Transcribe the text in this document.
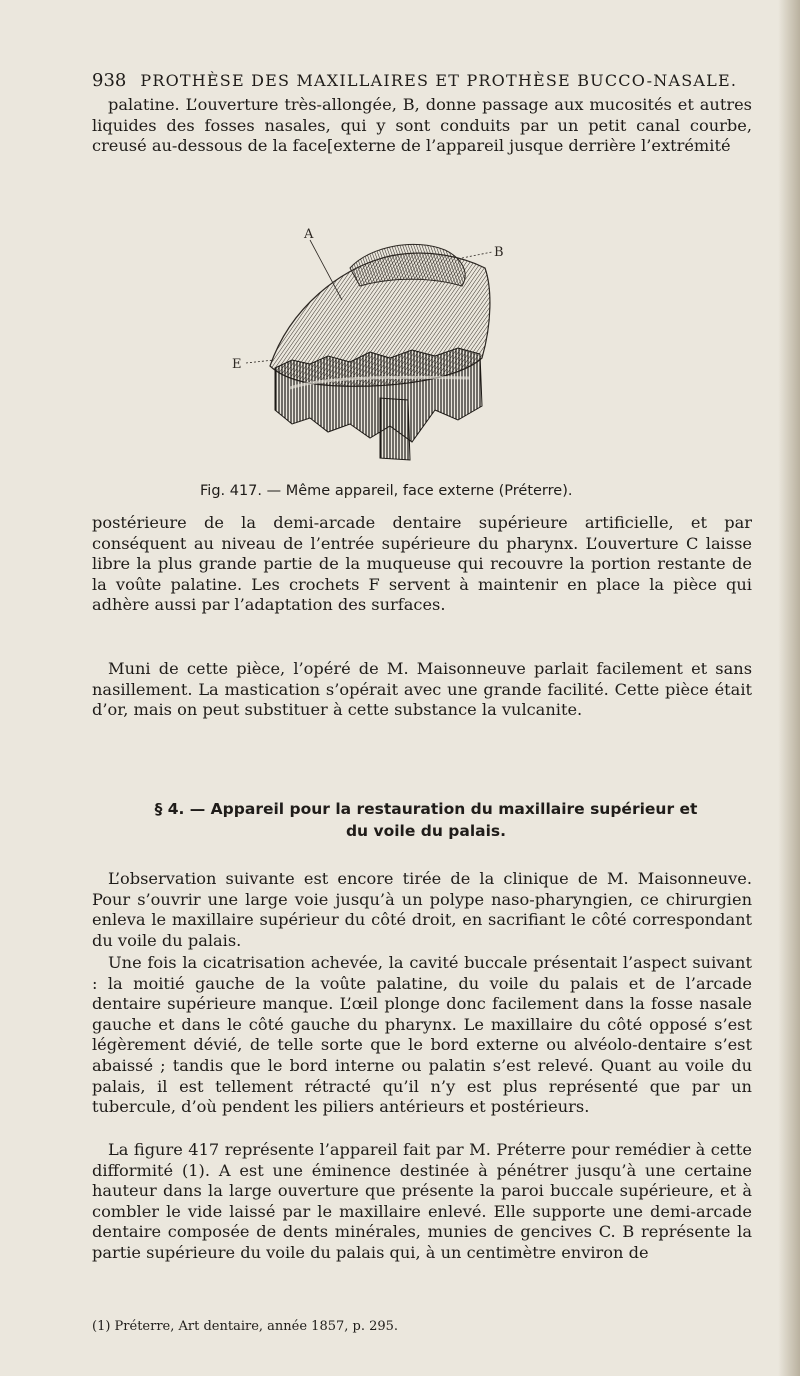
938 PROTHÈSE DES MAXILLAIRES ET PROTHÈSE BUCCO-NASALE.

palatine. L’ouverture très-allongée, B, donne passage aux mucosités et autres liquides des fosses nasales, qui y sont conduits par un petit canal courbe, creusé au-dessous de la face[externe de l’appareil jusque derrière l’extrémité

A
B
E
Fig. 417. — Même appareil, face externe (Préterre).

postérieure de la demi-arcade dentaire supérieure artificielle, et par conséquent au niveau de l’entrée supérieure du pharynx. L’ouverture C laisse libre la plus grande partie de la muqueuse qui recouvre la portion restante de la voûte palatine. Les crochets F servent à maintenir en place la pièce qui adhère aussi par l’adaptation des surfaces.

Muni de cette pièce, l’opéré de M. Maisonneuve parlait facilement et sans nasillement. La mastication s’opérait avec une grande facilité. Cette pièce était d’or, mais on peut substituer à cette substance la vulcanite.

§ 4. — Appareil pour la restauration du maxillaire supérieur et
du voile du palais.

L’observation suivante est encore tirée de la clinique de M. Maisonneuve. Pour s’ouvrir une large voie jusqu’à un polype naso-pharyngien, ce chirurgien enleva le maxillaire supérieur du côté droit, en sacrifiant le côté correspondant du voile du palais.

Une fois la cicatrisation achevée, la cavité buccale présentait l’aspect suivant : la moitié gauche de la voûte palatine, du voile du palais et de l’arcade dentaire supérieure manque. L’œil plonge donc facilement dans la fosse nasale gauche et dans le côté gauche du pharynx. Le maxillaire du côté opposé s’est légèrement dévié, de telle sorte que le bord externe ou alvéolo-dentaire s’est abaissé ; tandis que le bord interne ou palatin s’est relevé. Quant au voile du palais, il est tellement rétracté qu’il n’y est plus représenté que par un tubercule, d’où pendent les piliers antérieurs et postérieurs.

La figure 417 représente l’appareil fait par M. Préterre pour remédier à cette difformité (1). A est une éminence destinée à pénétrer jusqu’à une certaine hauteur dans la large ouverture que présente la paroi buccale supérieure, et à combler le vide laissé par le maxillaire enlevé. Elle supporte une demi-arcade dentaire composée de dents minérales, munies de gencives C. B représente la partie supérieure du voile du palais qui, à un centimètre environ de

(1) Préterre, Art dentaire, année 1857, p. 295.
